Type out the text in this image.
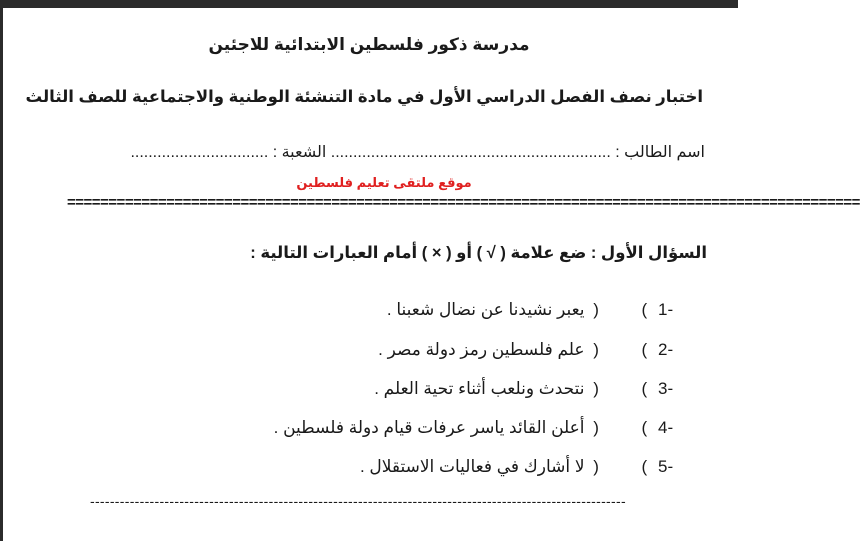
مدرسة ذكور فلسطين الابتدائية للاجئين
اختبار نصف الفصل الدراسي الأول في مادة التنشئة الوطنية والاجتماعية للصف الثالث
اسم الطالب : ............................................................... الشعبة : ...............................
موقع ملتقى تعليم فلسطين
================================================================================================
السؤال الأول : ضع علامة ( √ ) أو ( × ) أمام العبارات التالية :
1- )	( يعبر نشيدنا عن نضال شعبنا .
2- )	( علم فلسطين رمز دولة مصر .
3- )	( نتحدث ونلعب أثناء تحية العلم .
4- )	( أعلن القائد ياسر عرفات قيام دولة فلسطين .
5- )	( لا أشارك في فعاليات الاستقلال .
------------------------------------------------------------------------------------------------------------
